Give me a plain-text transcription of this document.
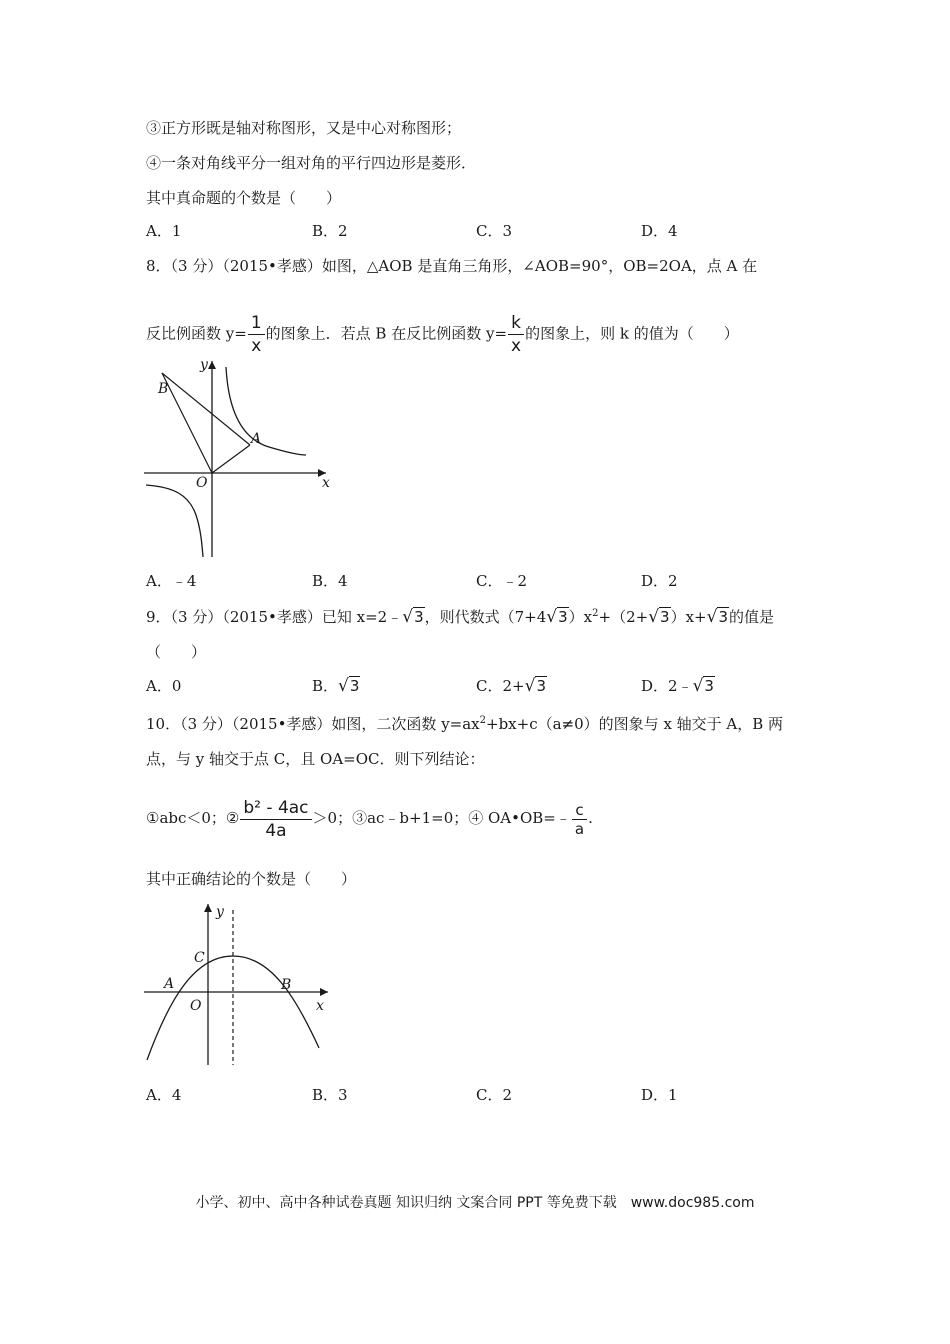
③正方形既是轴对称图形，又是中心对称图形；
④一条对角线平分一组对角的平行四边形是菱形．
其中真命题的个数是（　　）
A．1	B．2	C．3	D．4
8．（3 分）（2015•孝感）如图，△AOB 是直角三角形，∠AOB=90°，OB=2OA，点 A 在
反比例函数 $y= \frac{1}{x}$ 的图象上．若点 B 在反比例函数 $y= \frac{k}{x}$ 的图象上，则 k 的值为（　　）
B
A
O	x
y
A．﹣4	B．4	C．﹣2	D．2
9．（3 分）（2015•孝感）已知 x=2﹣√3，则代数式$(7+4√3)x^2+(2+√3)x+√3$的值是
（　　）
A．0	B．√3	C．2+√3	D．2﹣√3
10．（3 分）（2015•孝感）如图，二次函数 $y=ax^2+bx+c(a\ne 0)$的图象与 x 轴交于 A，B 两
点，与 y 轴交于点 C，且 OA=OC．则下列结论：
①abc＜0；② $\frac{\text{b² - 4ac}}{4a} >0$；③ac﹣b+1=0；④ OA•OB=﹣ $\frac{c}{a}$ .
其中正确结论的个数是（　　）
C
A
O
B
x
y
A．4	B．3	C．2	D．1
小学、初中、高中各种试卷真题 知识归纳 文案合同 PPT 等免费下载　www.doc985.com
